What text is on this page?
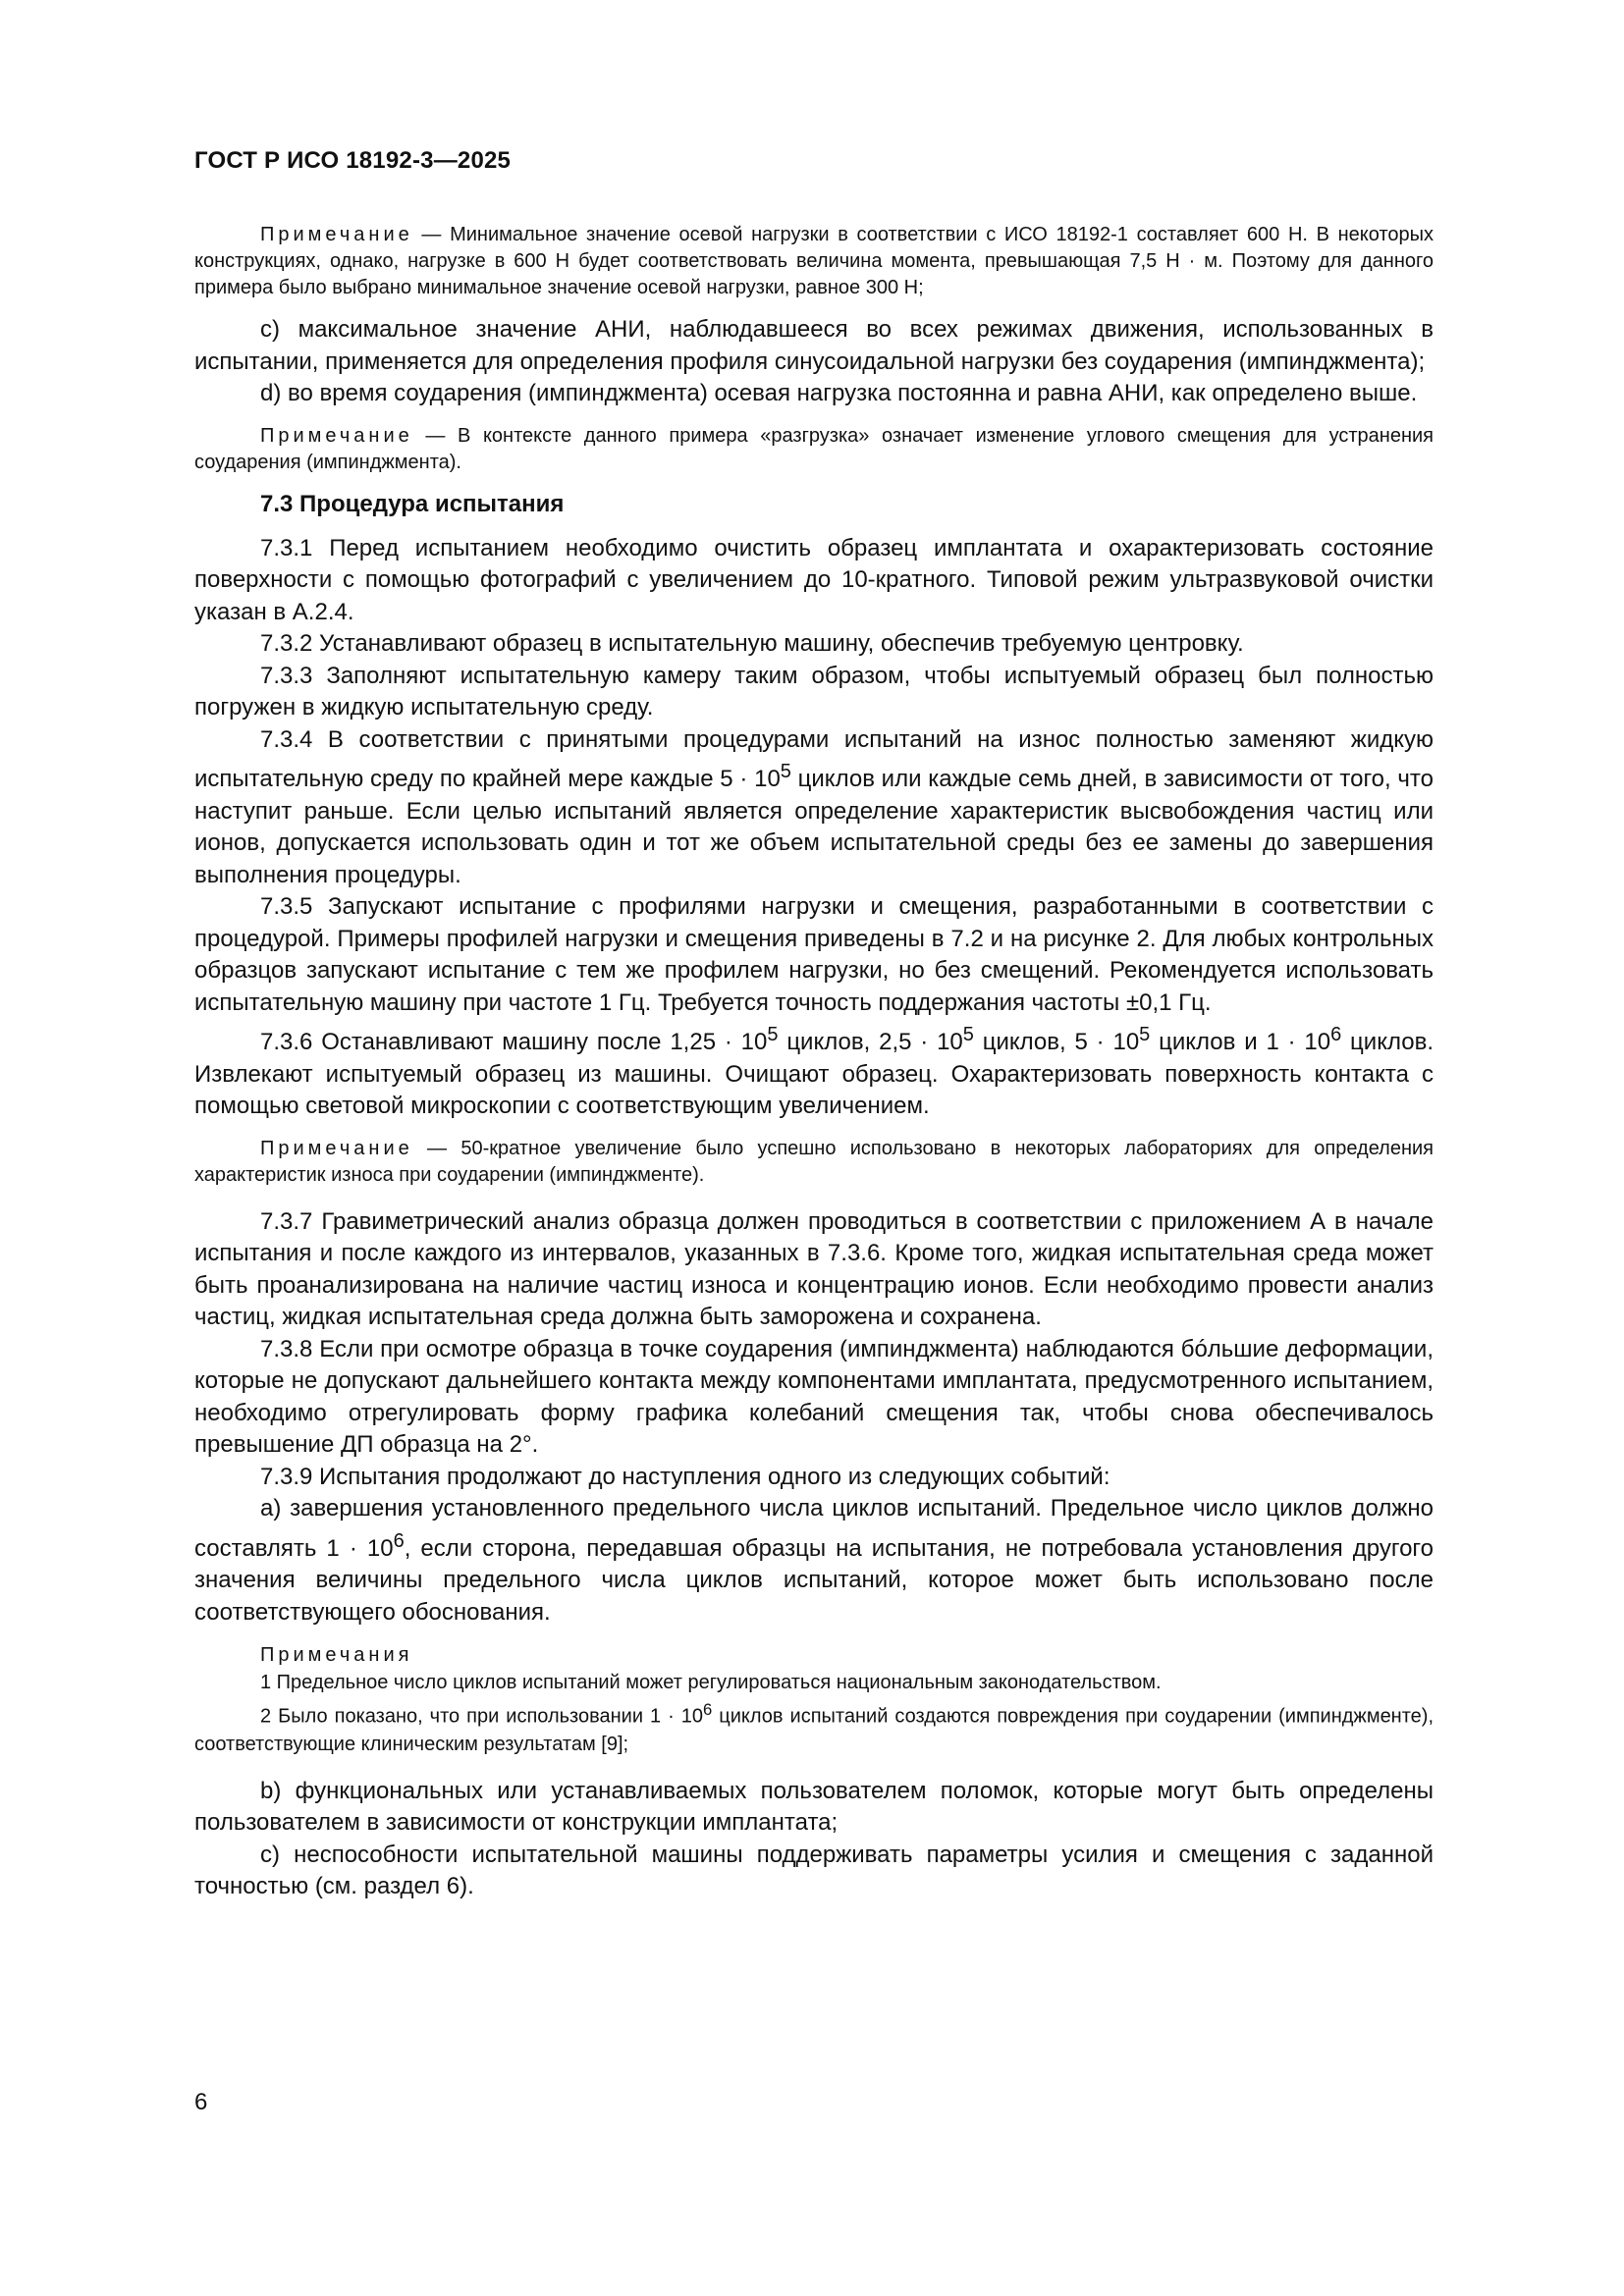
ГОСТ Р ИСО 18192-3—2025

Примечание — Минимальное значение осевой нагрузки в соответствии с ИСО 18192-1 составляет 600 Н. В некоторых конструкциях, однако, нагрузке в 600 Н будет соответствовать величина момента, превышающая 7,5 Н · м. Поэтому для данного примера было выбрано минимальное значение осевой нагрузки, равное 300 Н;

c) максимальное значение АНИ, наблюдавшееся во всех режимах движения, использованных в испытании, применяется для определения профиля синусоидальной нагрузки без соударения (импинджмента);

d) во время соударения (импинджмента) осевая нагрузка постоянна и равна АНИ, как определено выше.

Примечание — В контексте данного примера «разгрузка» означает изменение углового смещения для устранения соударения (импинджмента).

7.3 Процедура испытания

7.3.1 Перед испытанием необходимо очистить образец имплантата и охарактеризовать состояние поверхности с помощью фотографий с увеличением до 10-кратного. Типовой режим ультразвуковой очистки указан в А.2.4.

7.3.2 Устанавливают образец в испытательную машину, обеспечив требуемую центровку.

7.3.3 Заполняют испытательную камеру таким образом, чтобы испытуемый образец был полностью погружен в жидкую испытательную среду.

7.3.4 В соответствии с принятыми процедурами испытаний на износ полностью заменяют жидкую испытательную среду по крайней мере каждые $5 \cdot 10^5$ циклов или каждые семь дней, в зависимости от того, что наступит раньше. Если целью испытаний является определение характеристик высвобождения частиц или ионов, допускается использовать один и тот же объем испытательной среды без ее замены до завершения выполнения процедуры.

7.3.5 Запускают испытание с профилями нагрузки и смещения, разработанными в соответствии с процедурой. Примеры профилей нагрузки и смещения приведены в 7.2 и на рисунке 2. Для любых контрольных образцов запускают испытание с тем же профилем нагрузки, но без смещений. Рекомендуется использовать испытательную машину при частоте 1 Гц. Требуется точность поддержания частоты ±0,1 Гц.

7.3.6 Останавливают машину после $1,25 \cdot 10^5$ циклов, $2,5 \cdot 10^5$ циклов, $5 \cdot 10^5$ циклов и $1 \cdot 10^6$ циклов. Извлекают испытуемый образец из машины. Очищают образец. Охарактеризовать поверхность контакта с помощью световой микроскопии с соответствующим увеличением.

Примечание — 50-кратное увеличение было успешно использовано в некоторых лабораториях для определения характеристик износа при соударении (импинджменте).

7.3.7 Гравиметрический анализ образца должен проводиться в соответствии с приложением А в начале испытания и после каждого из интервалов, указанных в 7.3.6. Кроме того, жидкая испытательная среда может быть проанализирована на наличие частиц износа и концентрацию ионов. Если необходимо провести анализ частиц, жидкая испытательная среда должна быть заморожена и сохранена.

7.3.8 Если при осмотре образца в точке соударения (импинджмента) наблюдаются бóльшие деформации, которые не допускают дальнейшего контакта между компонентами имплантата, предусмотренного испытанием, необходимо отрегулировать форму графика колебаний смещения так, чтобы снова обеспечивалось превышение ДП образца на 2°.

7.3.9 Испытания продолжают до наступления одного из следующих событий:

a) завершения установленного предельного числа циклов испытаний. Предельное число циклов должно составлять $1 \cdot 10^6$, если сторона, передавшая образцы на испытания, не потребовала установления другого значения величины предельного числа циклов испытаний, которое может быть использовано после соответствующего обоснования.

Примечания

1 Предельное число циклов испытаний может регулироваться национальным законодательством.

2 Было показано, что при использовании $1 \cdot 10^6$ циклов испытаний создаются повреждения при соударении (импинджменте), соответствующие клиническим результатам [9];

b) функциональных или устанавливаемых пользователем поломок, которые могут быть определены пользователем в зависимости от конструкции имплантата;

c) неспособности испытательной машины поддерживать параметры усилия и смещения с заданной точностью (см. раздел 6).

6
